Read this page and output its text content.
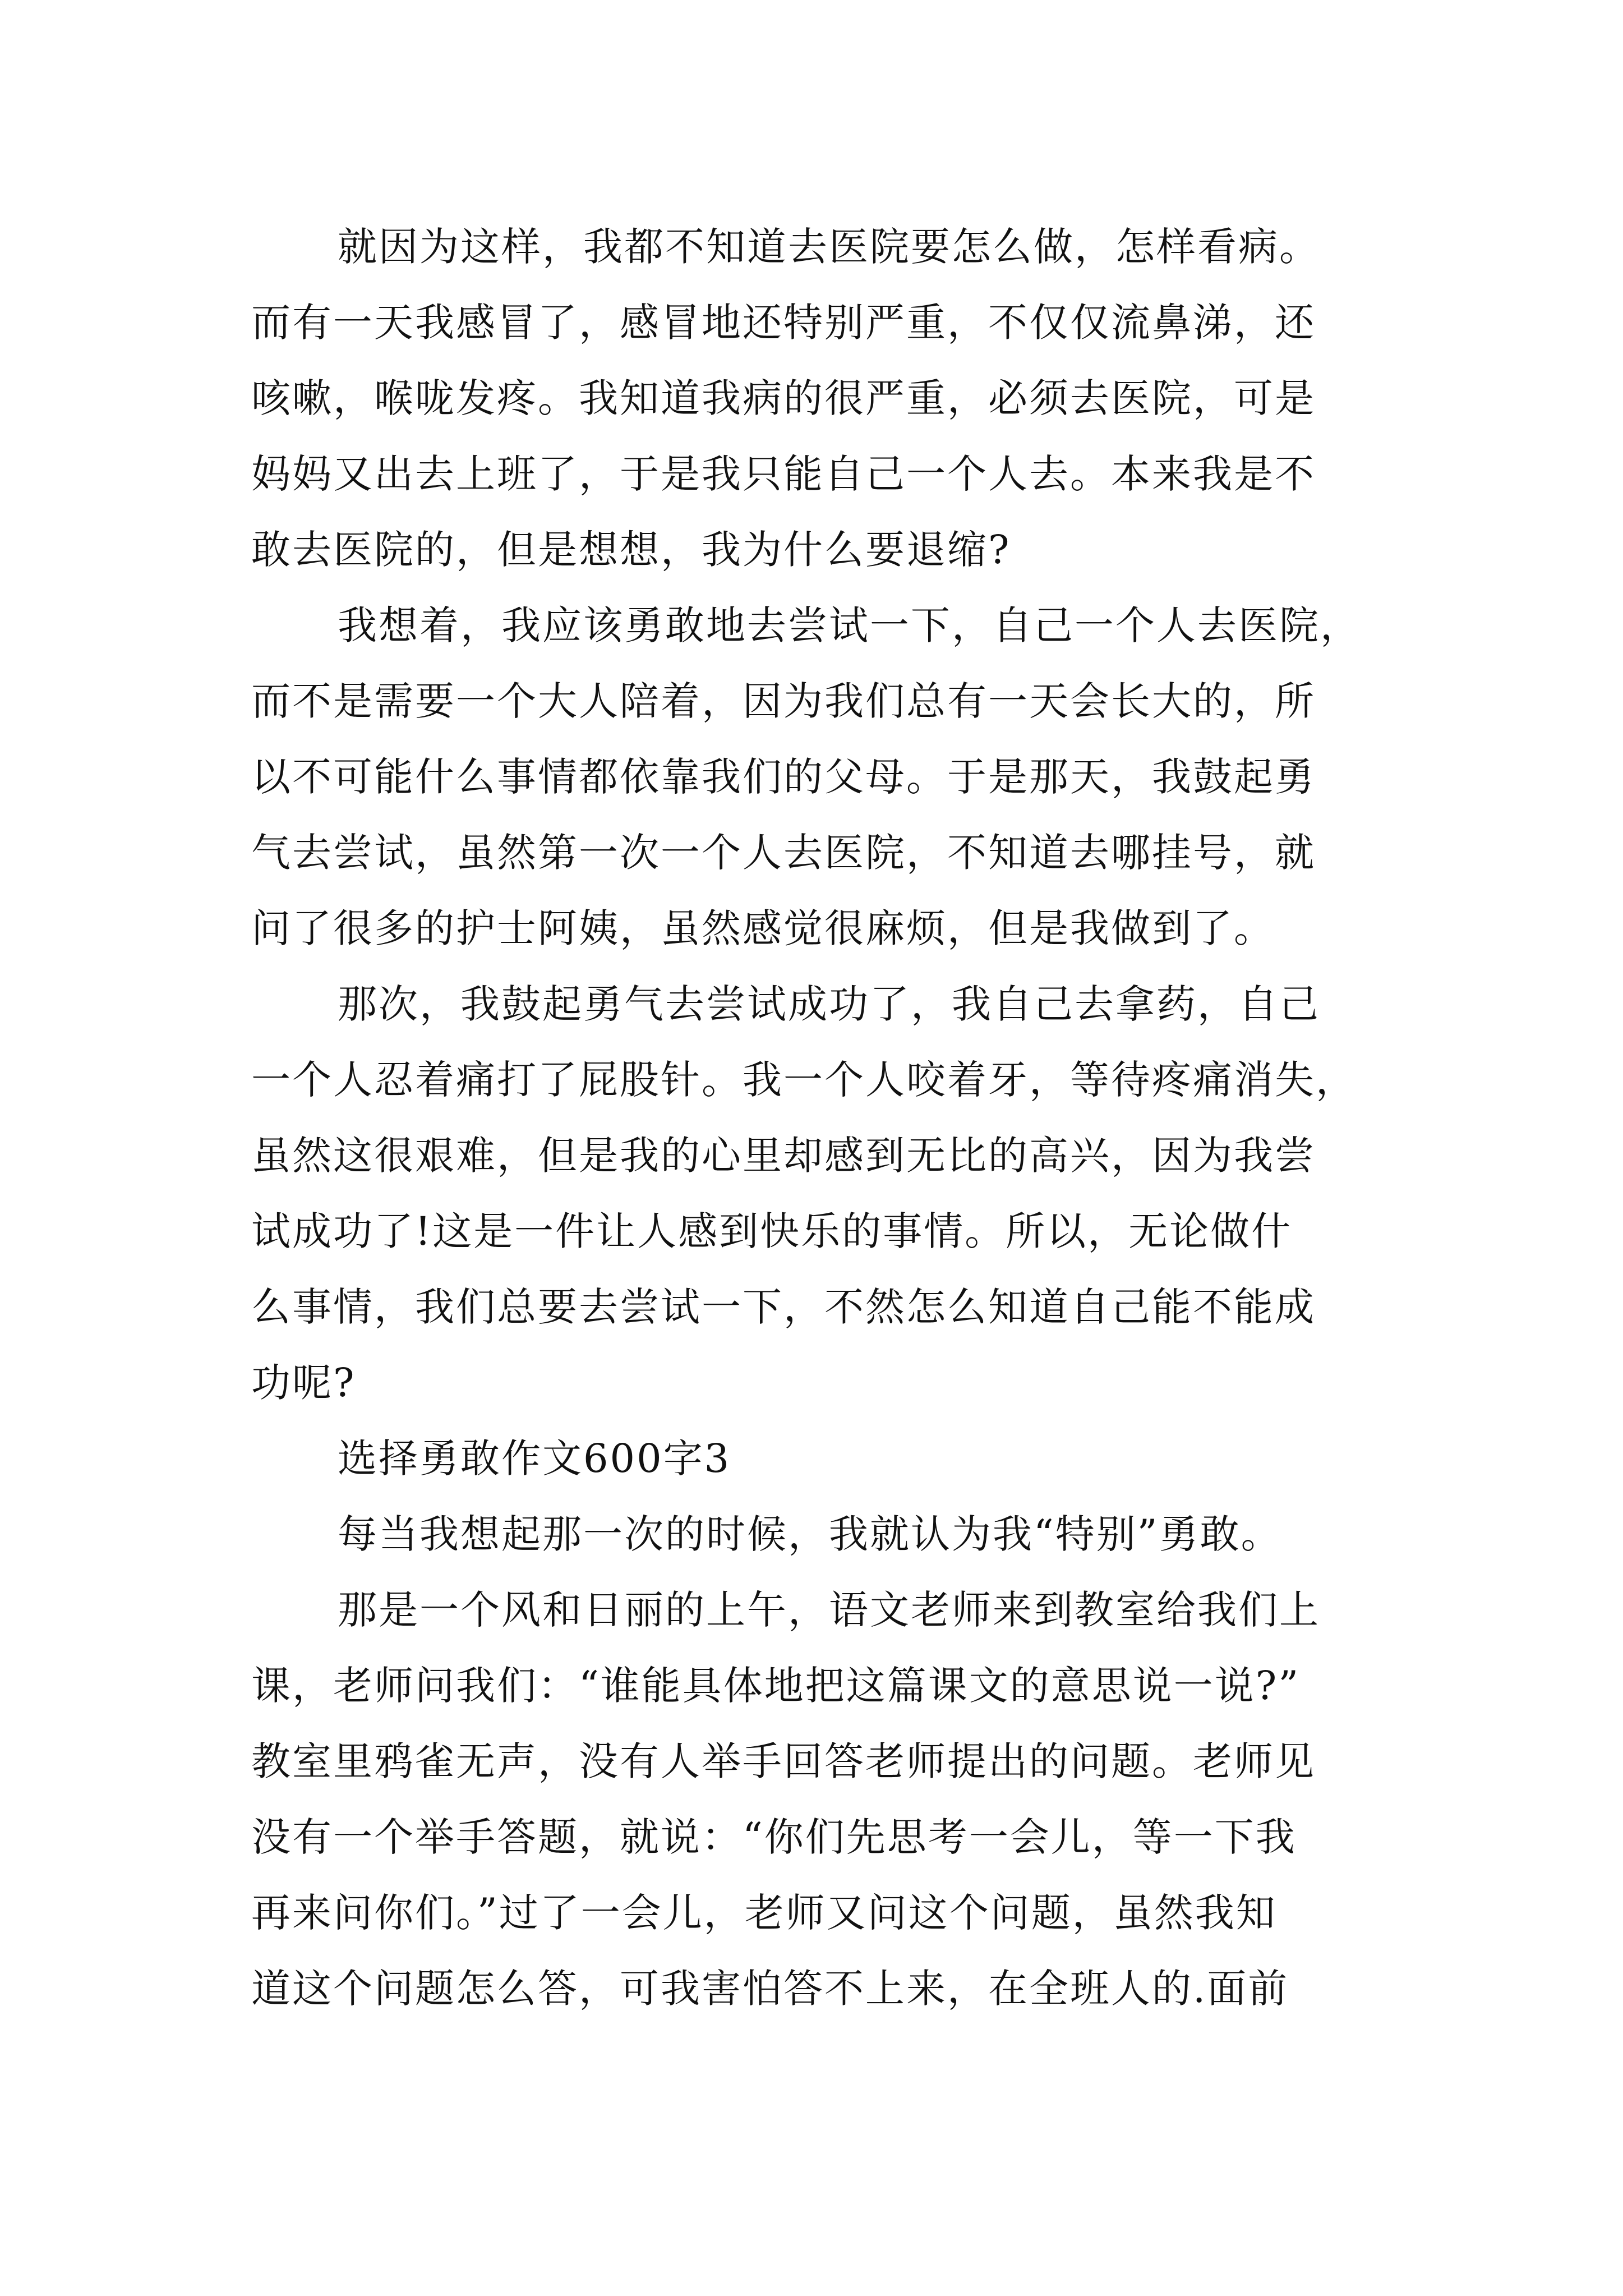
就因为这样，我都不知道去医院要怎么做，怎样看病。
而有一天我感冒了，感冒地还特别严重，不仅仅流鼻涕，还
咳嗽，喉咙发疼。我知道我病的很严重，必须去医院，可是
妈妈又出去上班了，于是我只能自己一个人去。本来我是不
敢去医院的，但是想想，我为什么要退缩?
我想着，我应该勇敢地去尝试一下，自己一个人去医院，
而不是需要一个大人陪着，因为我们总有一天会长大的，所
以不可能什么事情都依靠我们的父母。于是那天，我鼓起勇
气去尝试，虽然第一次一个人去医院，不知道去哪挂号，就
问了很多的护士阿姨，虽然感觉很麻烦，但是我做到了。
那次，我鼓起勇气去尝试成功了，我自己去拿药，自己
一个人忍着痛打了屁股针。我一个人咬着牙，等待疼痛消失，
虽然这很艰难，但是我的心里却感到无比的高兴，因为我尝
试成功了!这是一件让人感到快乐的事情。所以，无论做什
么事情，我们总要去尝试一下，不然怎么知道自己能不能成
功呢?
选择勇敢作文600字3
每当我想起那一次的时候，我就认为我“特别”勇敢。
那是一个风和日丽的上午，语文老师来到教室给我们上
课，老师问我们：“谁能具体地把这篇课文的意思说一说?”
教室里鸦雀无声，没有人举手回答老师提出的问题。老师见
没有一个举手答题，就说：“你们先思考一会儿，等一下我
再来问你们。”过了一会儿，老师又问这个问题，虽然我知
道这个问题怎么答，可我害怕答不上来，在全班人的.面前
